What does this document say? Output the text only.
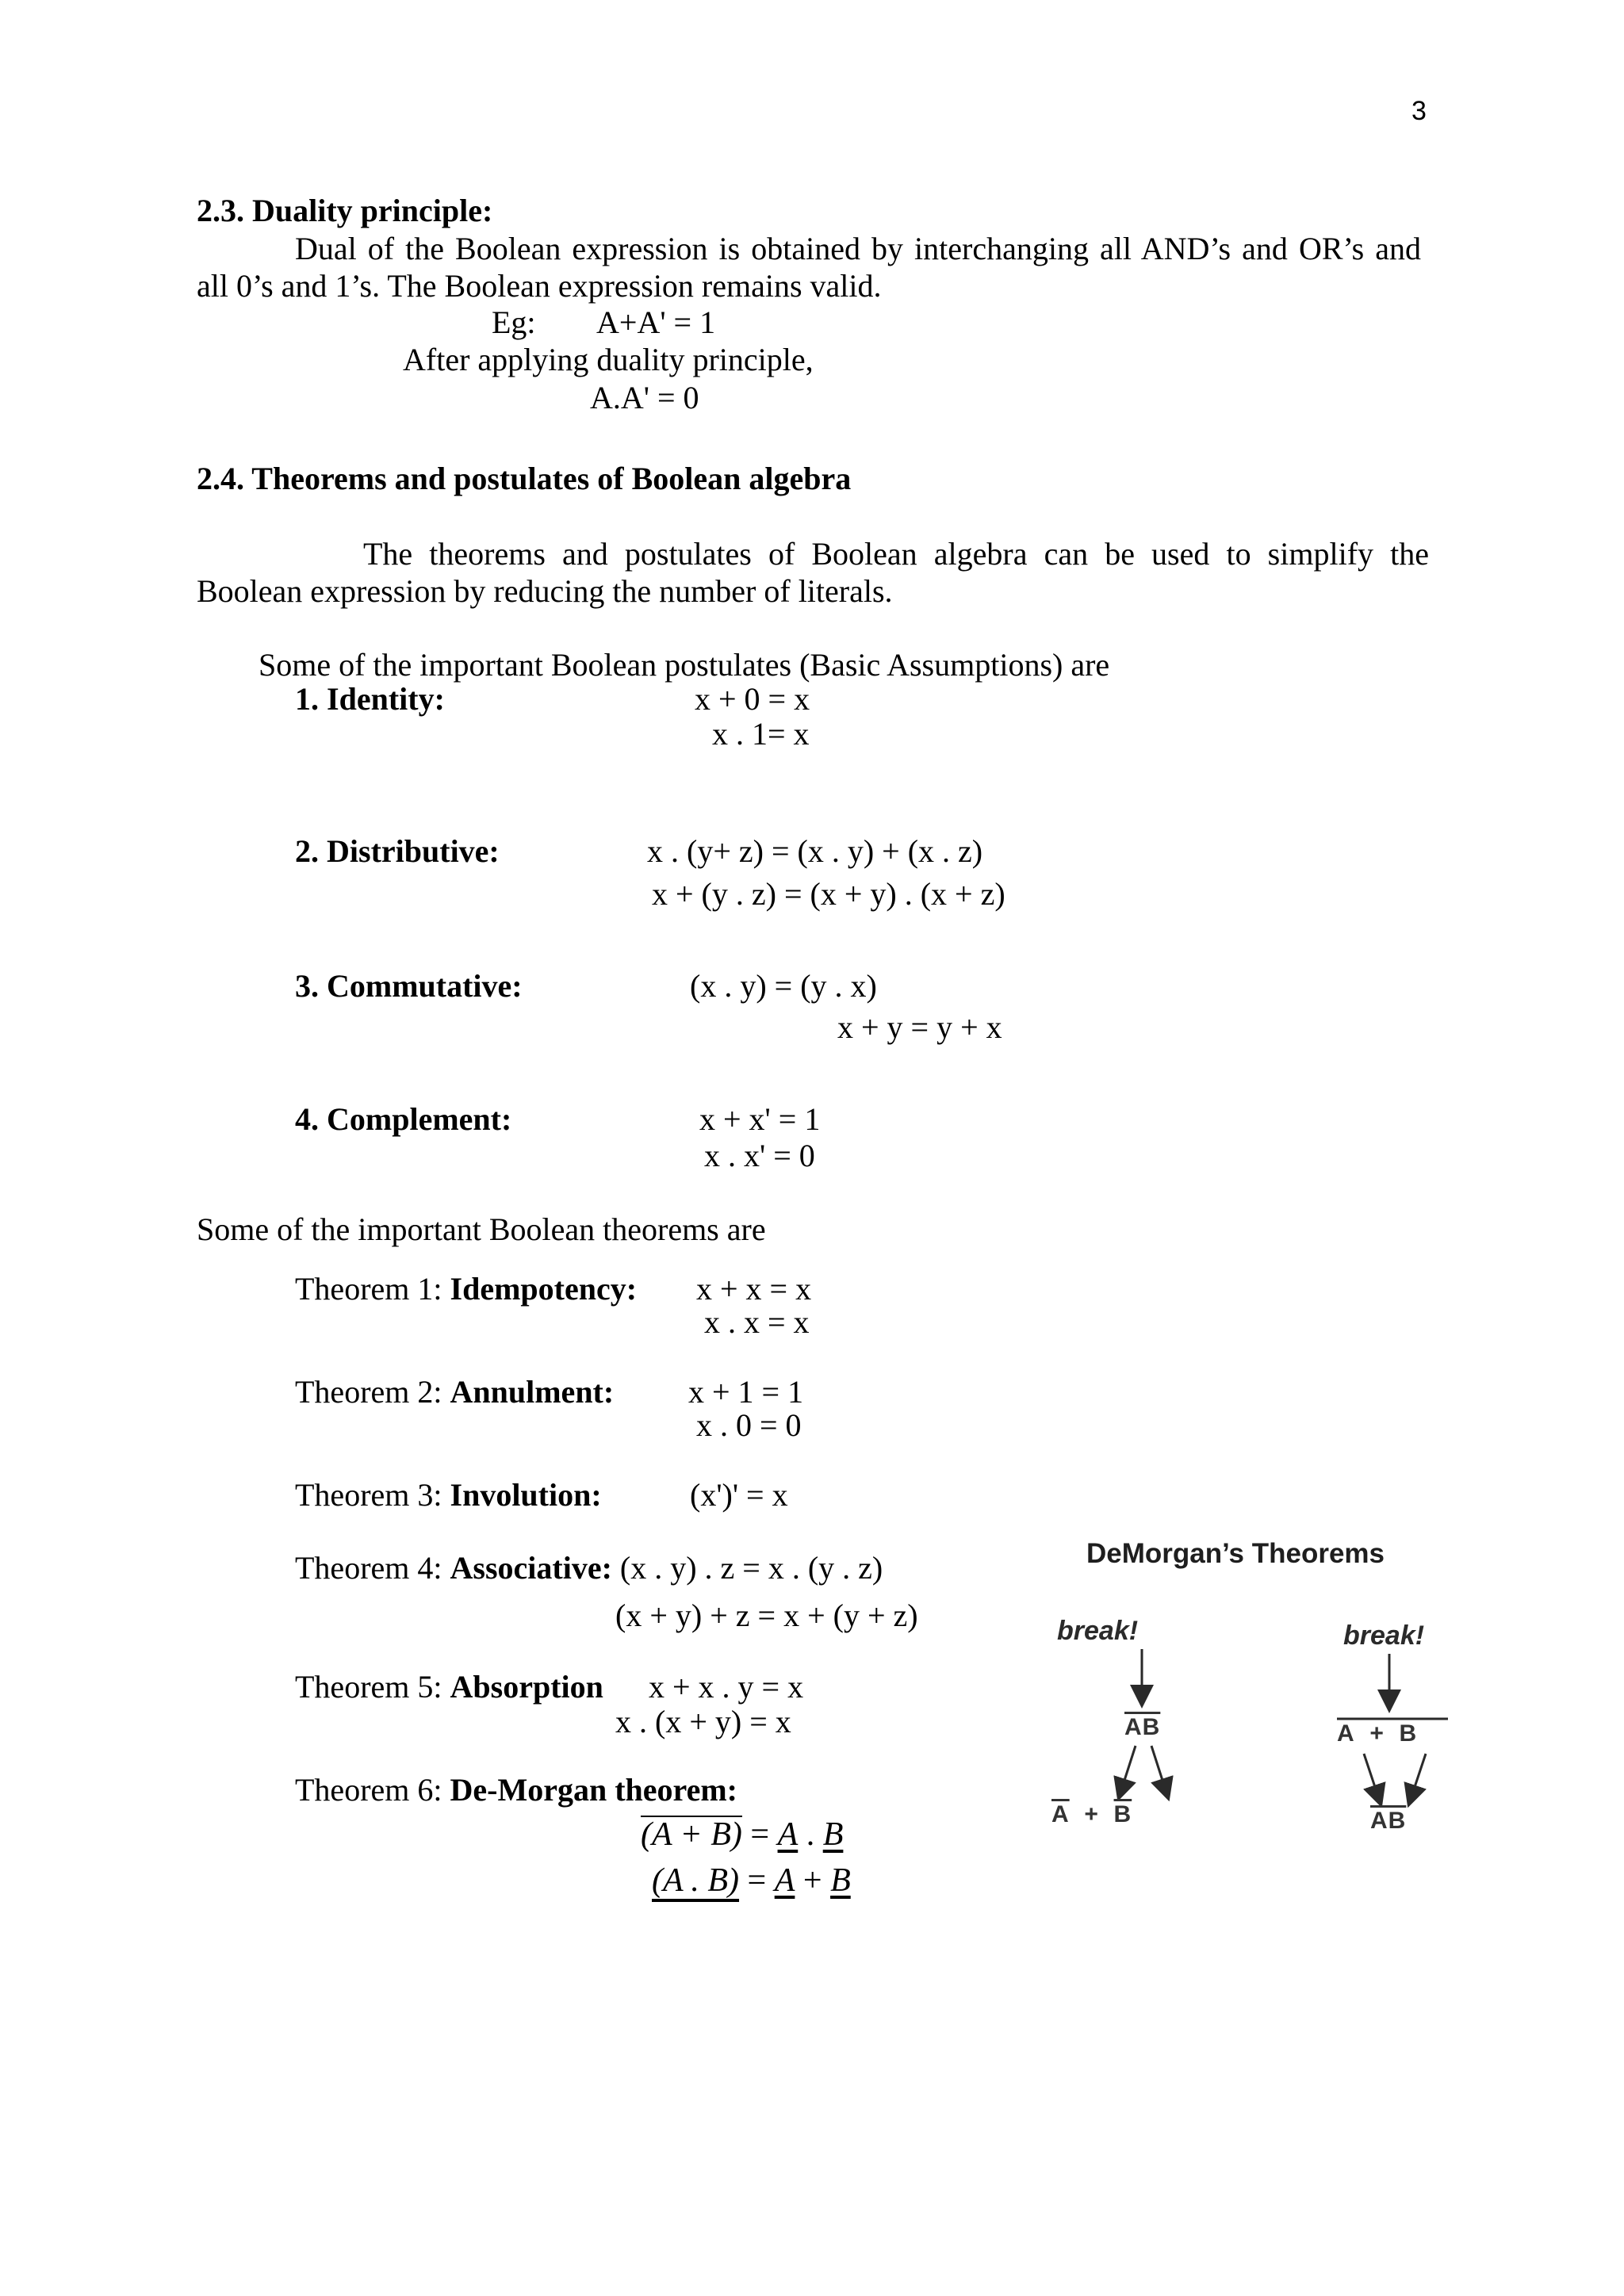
3
2.3. Duality principle:
Dual of the Boolean expression is obtained by interchanging all AND’s and OR’s and
all 0’s and 1’s. The Boolean expression remains valid.
Eg: A+A' = 1
After applying duality principle,
A.A' = 0
2.4. Theorems and postulates of Boolean algebra
The theorems and postulates of Boolean algebra can be used to simplify the
Boolean expression by reducing the number of literals.
Some of the important Boolean postulates (Basic Assumptions) are
1. Identity:	x + 0 = x
x . 1= x
2. Distributive:	x . (y+ z) = (x . y) + (x . z)
x + (y . z) = (x + y) . (x + z)
3. Commutative:	(x . y) = (y . x)
x + y = y + x
4. Complement:	x + x' = 1
x . x' = 0
Some of the important Boolean theorems are
Theorem 1: Idempotency: x + x = x
x . x = x
Theorem 2: Annulment: x + 1 = 1
x . 0 = 0
Theorem 3: Involution:	(x')' = x
Theorem 4: Associative: (x . y) . z = x . (y . z)
(x + y) + z = x + (y + z)
Theorem 5: Absorption x + x . y = x
x . (x + y) = x
Theorem 6: De-Morgan theorem:
(A + B) = A . B
(A . B) = A + B
DeMorgan’s Theorems
break!
$\overline{AB}$
$\overline{A} + \overline{B}$
break!
A + B
$\overline{AB}$
